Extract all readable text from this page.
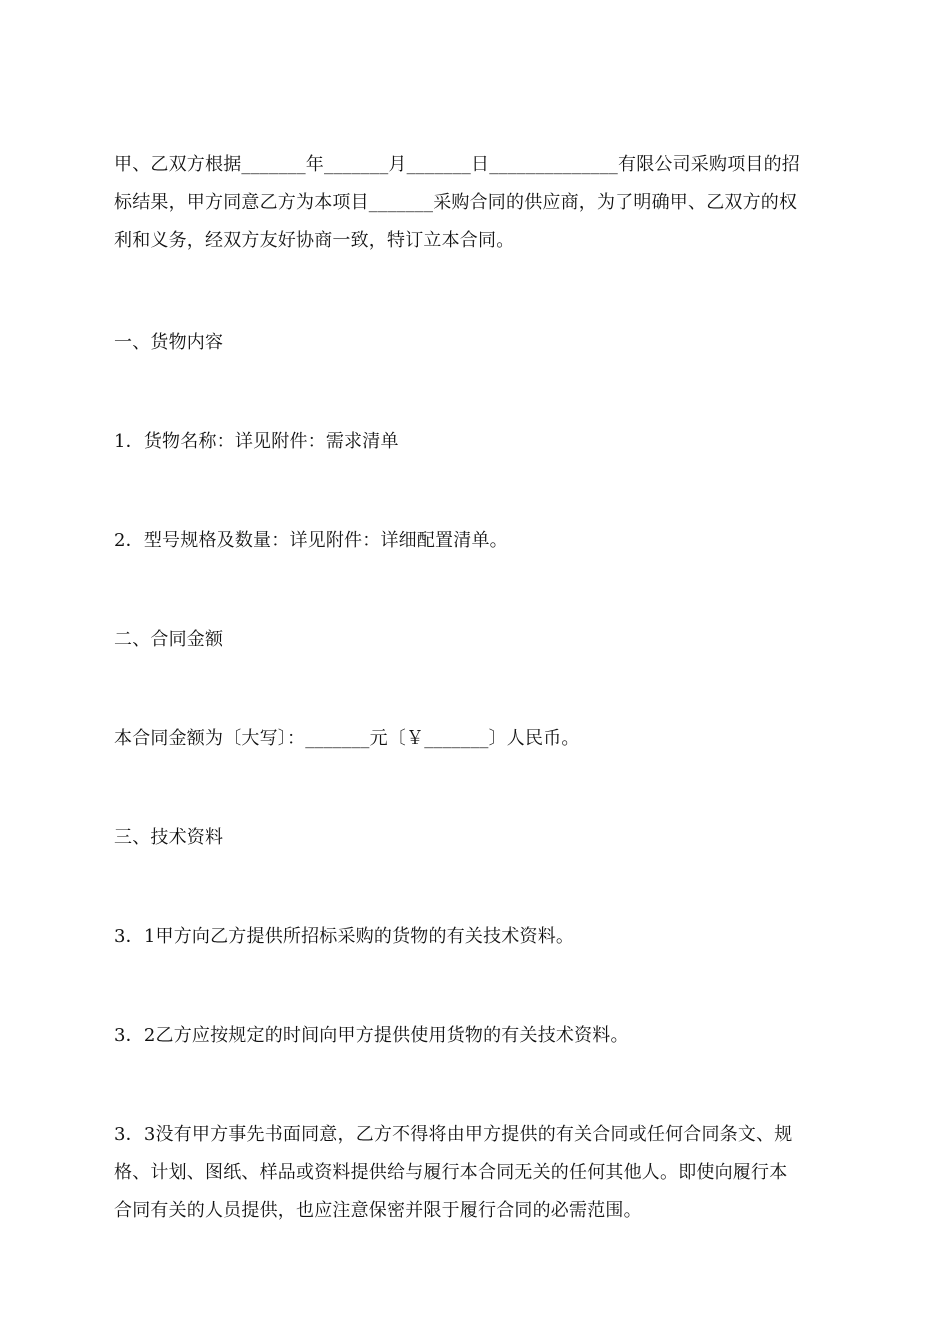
甲、乙双方根据_______年_______月_______日______________有限公司采购项目的招

标结果，甲方同意乙方为本项目_______采购合同的供应商，为了明确甲、乙双方的权

利和义务，经双方友好协商一致，特订立本合同。

一、货物内容

1．货物名称：详见附件：需求清单

2．型号规格及数量：详见附件：详细配置清单。

二、合同金额

本合同金额为〔大写〕：_______元〔￥_______〕人民币。

三、技术资料

3．1甲方向乙方提供所招标采购的货物的有关技术资料。

3．2乙方应按规定的时间向甲方提供使用货物的有关技术资料。

3．3没有甲方事先书面同意，乙方不得将由甲方提供的有关合同或任何合同条文、规

格、计划、图纸、样品或资料提供给与履行本合同无关的任何其他人。即使向履行本

合同有关的人员提供，也应注意保密并限于履行合同的必需范围。
